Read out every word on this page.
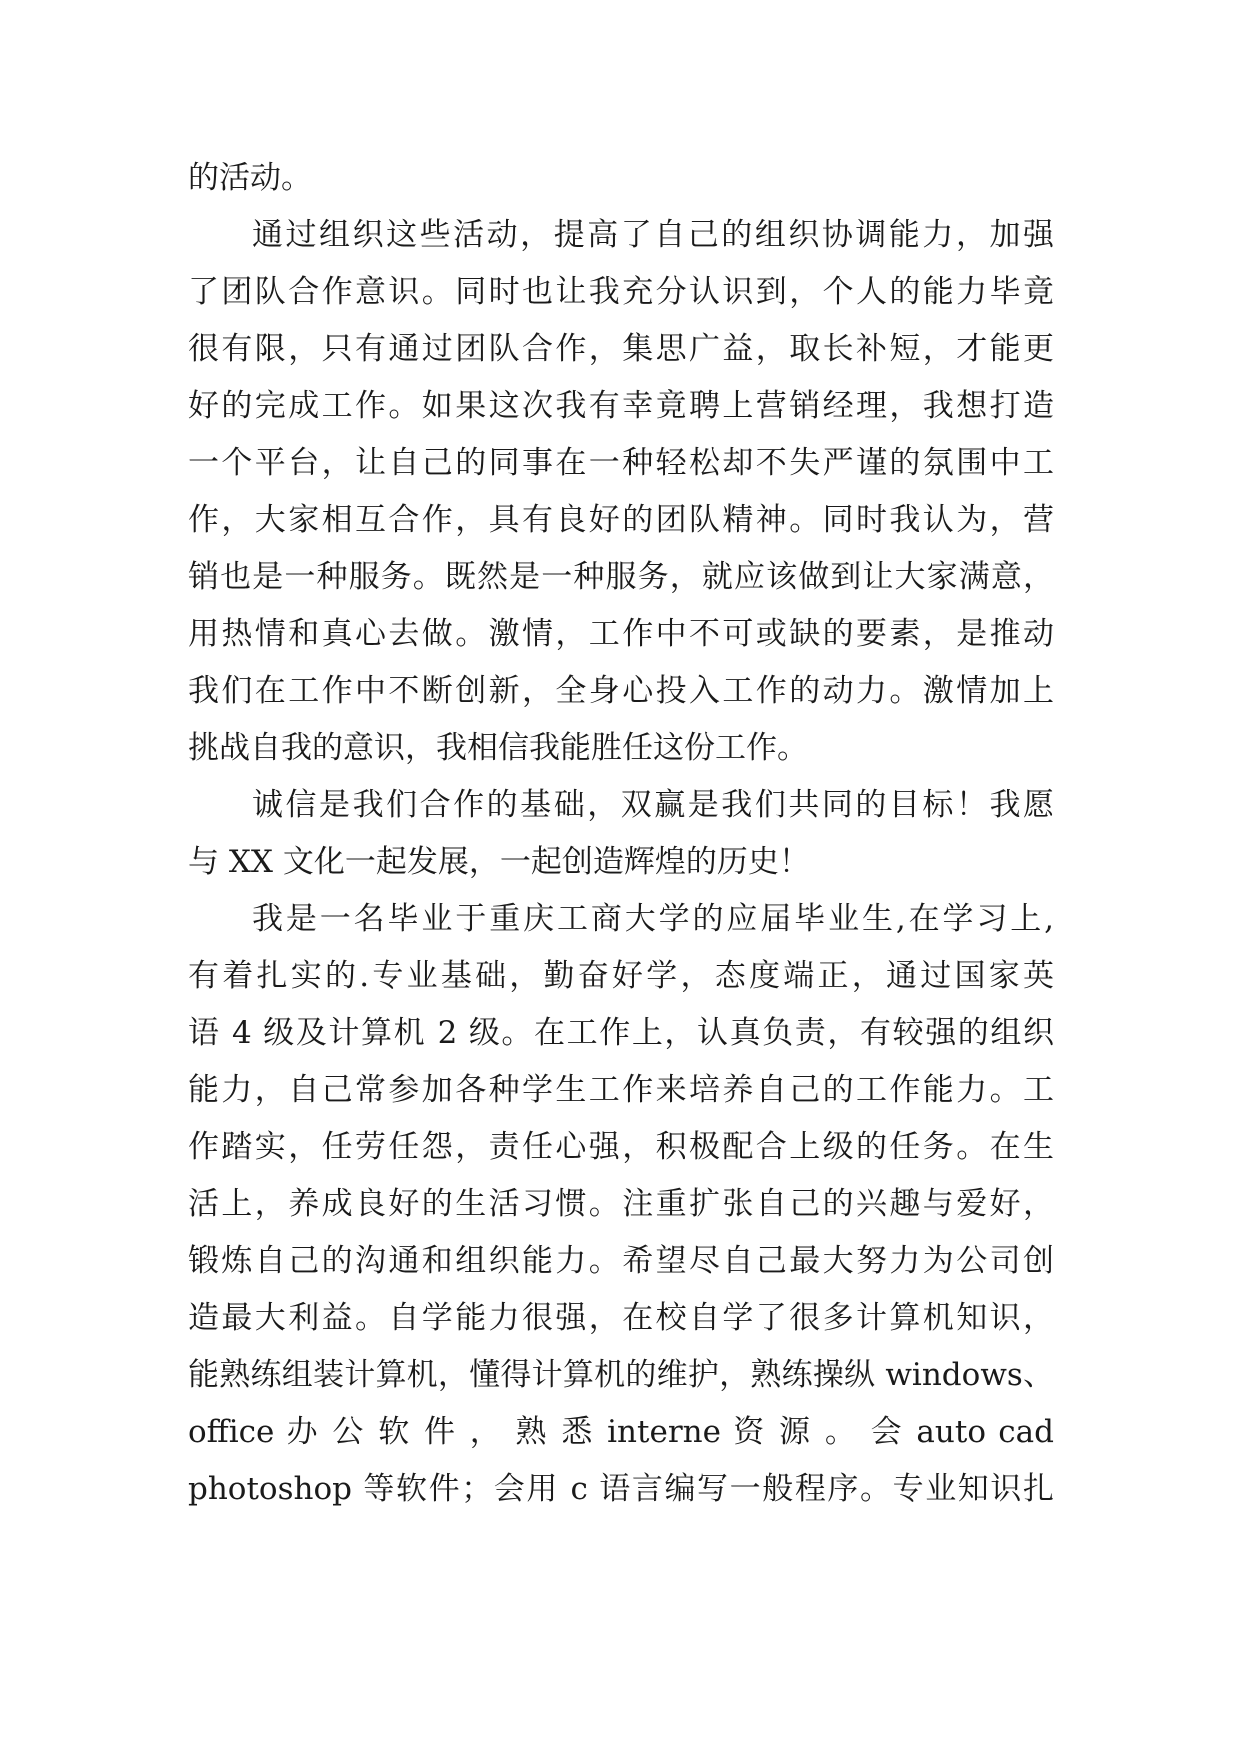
的活动。
通过组织这些活动，提高了自己的组织协调能力，加强
了团队合作意识。同时也让我充分认识到，个人的能力毕竟
很有限，只有通过团队合作，集思广益，取长补短，才能更
好的完成工作。如果这次我有幸竟聘上营销经理，我想打造
一个平台，让自己的同事在一种轻松却不失严谨的氛围中工
作，大家相互合作，具有良好的团队精神。同时我认为，营
销也是一种服务。既然是一种服务，就应该做到让大家满意，
用热情和真心去做。激情，工作中不可或缺的要素，是推动
我们在工作中不断创新，全身心投入工作的动力。激情加上
挑战自我的意识，我相信我能胜任这份工作。
诚信是我们合作的基础，双赢是我们共同的目标！我愿
与 XX 文化一起发展，一起创造辉煌的历史！
我是一名毕业于重庆工商大学的应届毕业生,在学习上,
有着扎实的.专业基础，勤奋好学，态度端正，通过国家英
语 4 级及计算机 2 级。在工作上，认真负责，有较强的组织
能力，自己常参加各种学生工作来培养自己的工作能力。工
作踏实，任劳任怨，责任心强，积极配合上级的任务。在生
活上，养成良好的生活习惯。注重扩张自己的兴趣与爱好，
锻炼自己的沟通和组织能力。希望尽自己最大努力为公司创
造最大利益。自学能力很强，在校自学了很多计算机知识，
能熟练组装计算机，懂得计算机的维护，熟练操纵 windows、
office 办 公 软 件 ， 熟 悉 interne 资 源 。 会 auto cad
photoshop 等软件；会用 c 语言编写一般程序。专业知识扎
